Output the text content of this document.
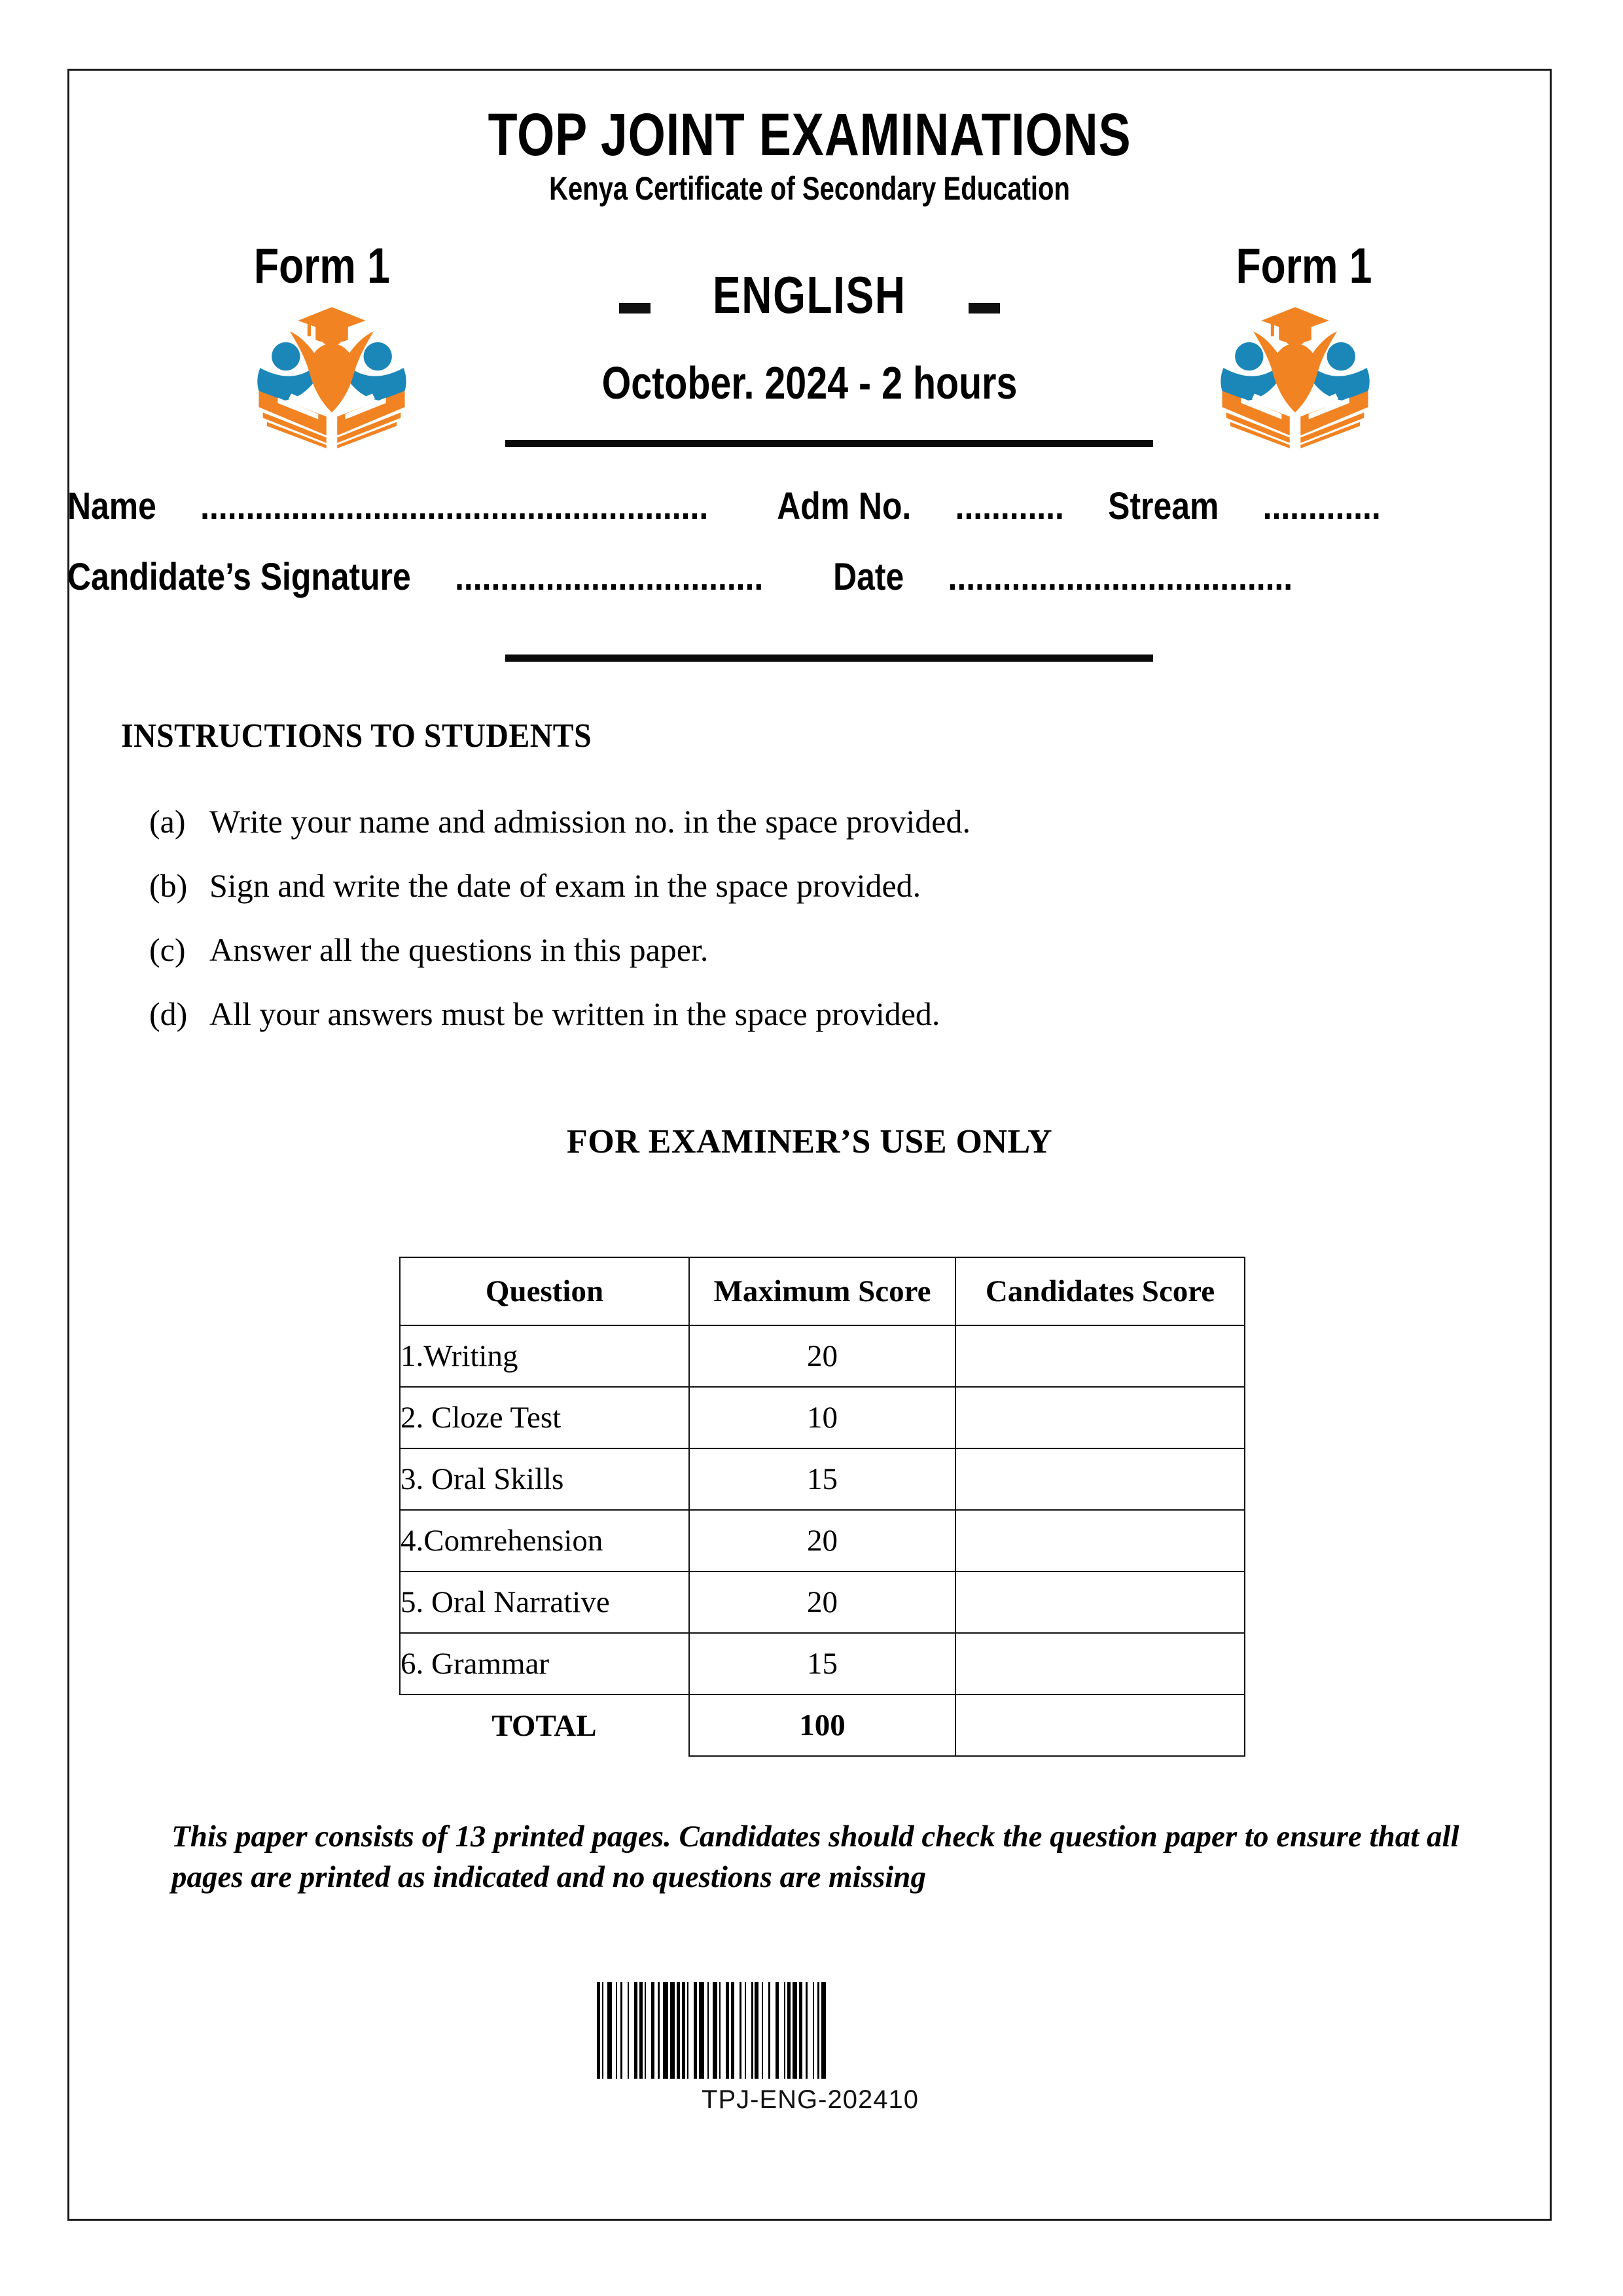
TOP JOINT EXAMINATIONS
Kenya Certificate of Secondary Education
Form 1	Form 1
ENGLISH
October. 2024 - 2 hours
Name ........................................................ Adm No. ............ Stream .............
Candidate’s Signature .................................. Date ......................................
INSTRUCTIONS TO STUDENTS
(a) Write your name and admission no. in the space provided.
(b) Sign and write the date of exam in the space provided.
(c) Answer all the questions in this paper.
(d) All your answers must be written in the space provided.
FOR EXAMINER’S USE ONLY
Question	Maximum Score	Candidates Score
1.Writing	20	
2. Cloze Test	10	
3. Oral Skills	15	
4.Comrehension	20	
5. Oral Narrative	20	
6. Grammar	15	
TOTAL	100	
This paper consists of 13 printed pages. Candidates should check the question paper to ensure that all pages are printed as indicated and no questions are missing
TPJ-ENG-202410
